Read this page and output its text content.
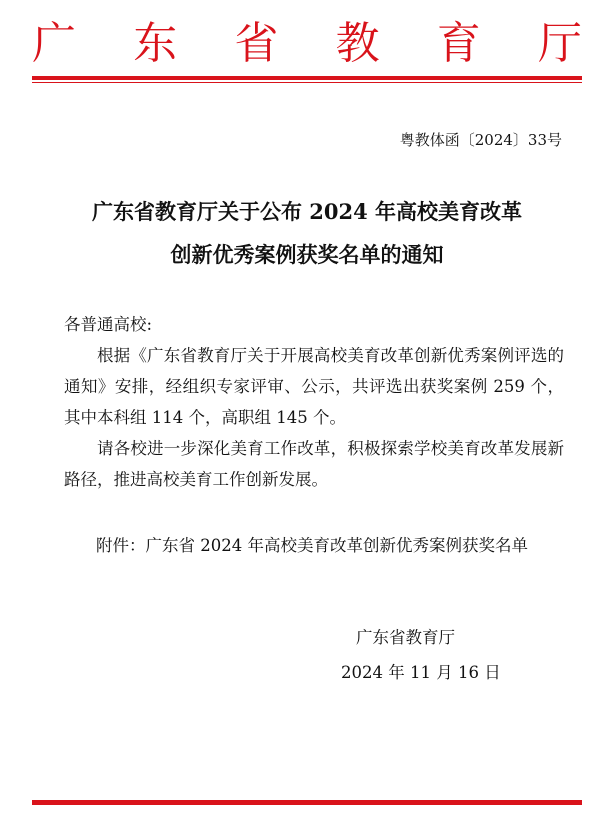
广 东 省 教 育 厅
粤教体函〔2024〕33号
广东省教育厅关于公布 2024 年高校美育改革
创新优秀案例获奖名单的通知

各普通高校:

根据《广东省教育厅关于开展高校美育改革创新优秀案例评选的通知》安排，经组织专家评审、公示，共评选出获奖案例 259 个，其中本科组 114 个，高职组 145 个。

请各校进一步深化美育工作改革，积极探索学校美育改革发展新路径，推进高校美育工作创新发展。

附件：广东省 2024 年高校美育改革创新优秀案例获奖名单
广东省教育厅
2024 年 11 月 16 日
